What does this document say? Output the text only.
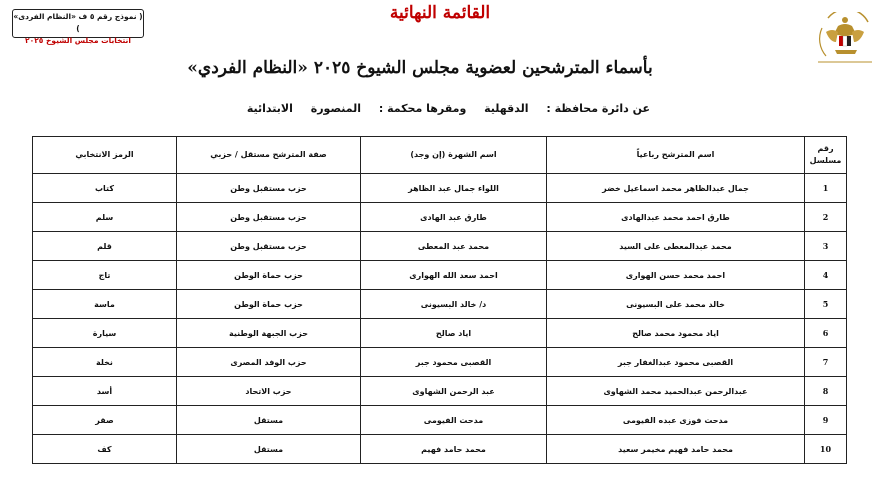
( نموذج رقم ٥ ف «النظام الفردى» )
انتخابات مجلس الشيوخ ٢٠٢٥
القائمة النهائية
بأسماء المترشحين لعضوية مجلس الشيوخ ٢٠٢٥ «النظام الفردي»
عن دائرة محافظة : الدقهلية ومقرها محكمة : المنصورة الابتدائية
رقم مسلسل	اسم المترشح رباعياً	اسم الشهرة (إن وجد)	صفة المترشح مستقل / حزبي	الرمز الانتخابي
1	جمال عبدالظاهر محمد اسماعيل خضر	اللواء جمال عبد الظاهر	حزب مستقبل وطن	كتاب
2	طارق احمد محمد عبدالهادى	طارق عبد الهادى	حزب مستقبل وطن	سلم
3	محمد عبدالمعطى على السيد	محمد عبد المعطى	حزب مستقبل وطن	قلم
4	احمد محمد حسن الهوارى	احمد سعد الله الهوارى	حزب حماة الوطن	تاج
5	خالد محمد على البسيونى	د/ خالد البسيونى	حزب حماة الوطن	ماسة
6	اياد محمود محمد صالح	اياد صالح	حزب الجبهة الوطنية	سيارة
7	القصبى محمود عبدالغفار جبر	القصبى محمود جبر	حزب الوفد المصرى	نخلة
8	عبدالرحمن عبدالحميد محمد الشهاوى	عبد الرحمن الشهاوى	حزب الاتحاد	أسد
9	مدحت فوزى عبده الفيومى	مدحت الفيومى	مستقل	صقر
10	محمد حامد فهيم مخيمر سعيد	محمد حامد فهيم	مستقل	كف
